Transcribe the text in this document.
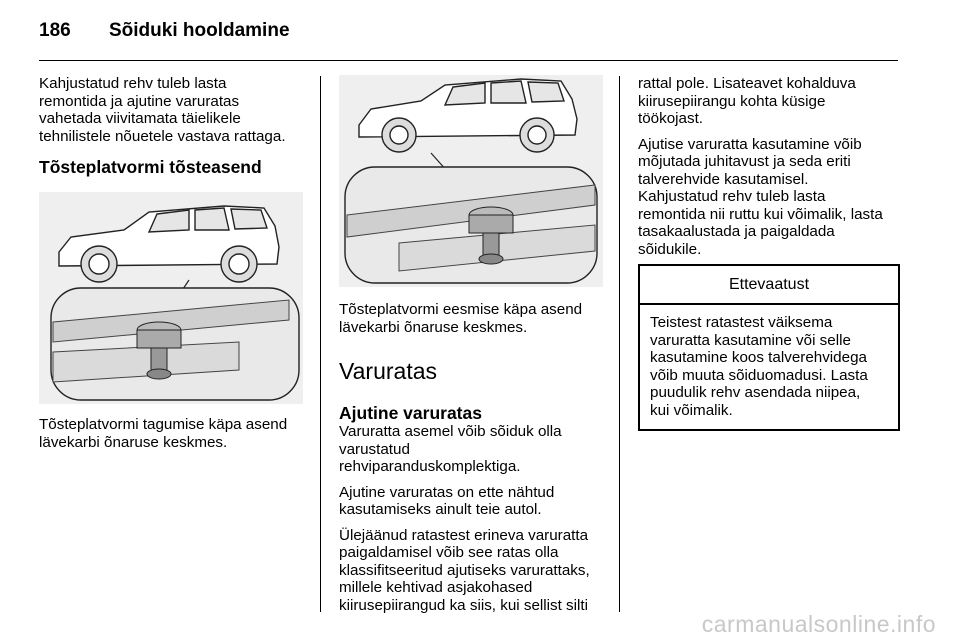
186 Sõiduki hooldamine

Kahjustatud rehv tuleb lasta
remontida ja ajutine varuratas
vahetada viivitamata täielikele
tehnilistele nõuetele vastava rattaga.

Tõsteplatvormi tõsteasend

Tõsteplatvormi tagumise käpa asend
lävekarbi õnaruse keskmes.

Tõsteplatvormi eesmise käpa asend
lävekarbi õnaruse keskmes.

Varuratas
Ajutine varuratas

Varuratta asemel võib sõiduk olla
varustatud
rehviparanduskomplektiga.

Ajutine varuratas on ette nähtud
kasutamiseks ainult teie autol.

Ülejäänud ratastest erineva varuratta
paigaldamisel võib see ratas olla
klassifitseeritud ajutiseks varurattaks,
millele kehtivad asjakohased
kiirusepiirangud ka siis, kui sellist silti

rattal pole. Lisateavet kohalduva
kiirusepiirangu kohta küsige
töökojast.

Ajutise varuratta kasutamine võib
mõjutada juhitavust ja seda eriti
talverehvide kasutamisel.

Kahjustatud rehv tuleb lasta
remontida nii ruttu kui võimalik, lasta
tasakaalustada ja paigaldada
sõidukile.

Ettevaatust
Teistest ratastest väiksema
varuratta kasutamine või selle
kasutamine koos talverehvidega
võib muuta sõiduomadusi. Lasta
puudulik rehv asendada niipea,
kui võimalik.
carmanualsonline.info
